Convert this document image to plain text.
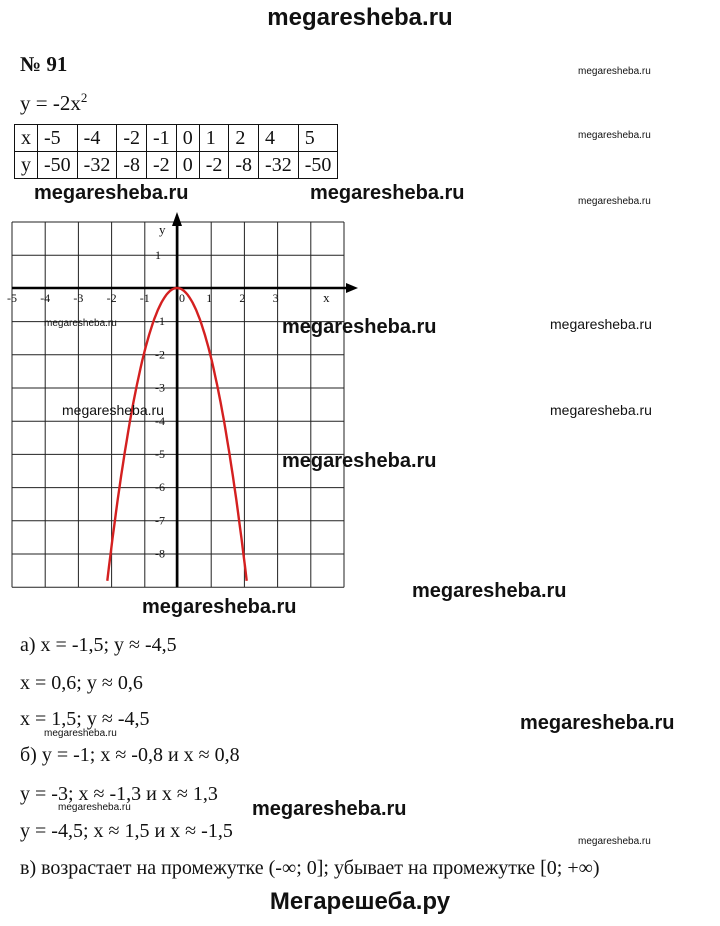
megaresheba.ru
№ 91
$y = -2x^2$
x	-5	-4	-2	-1	0	1	2	4	5
y	-50	-32	-8	-2	0	-2	-8	-32	-50
-5 -4 -3 -2 -1 0 1 2 3	x
1
-1
-2
-3
-4
-5
-6
-7
-8
y
а) x = -1,5; y ≈ -4,5
x = 0,6; y ≈ 0,6
x = 1,5; y ≈ -4,5
б) y = -1; x ≈ -0,8 и x ≈ 0,8
y = -3; x ≈ -1,3 и x ≈ 1,3
y = -4,5; x ≈ 1,5 и x ≈ -1,5
в) возрастает на промежутке (-∞; 0]; убывает на промежутке [0; +∞)
megaresheba.ru
megaresheba.ru
megaresheba.ru
megaresheba.ru	megaresheba.ru
megaresheba.ru	megaresheba.ru	megaresheba.ru
megaresheba.ru	megaresheba.ru
megaresheba.ru
megaresheba.ru
megaresheba.ru
megaresheba.ru
megaresheba.ru
megaresheba.ru
megaresheba.ru
megaresheba.ru
Мегарешеба.ру
